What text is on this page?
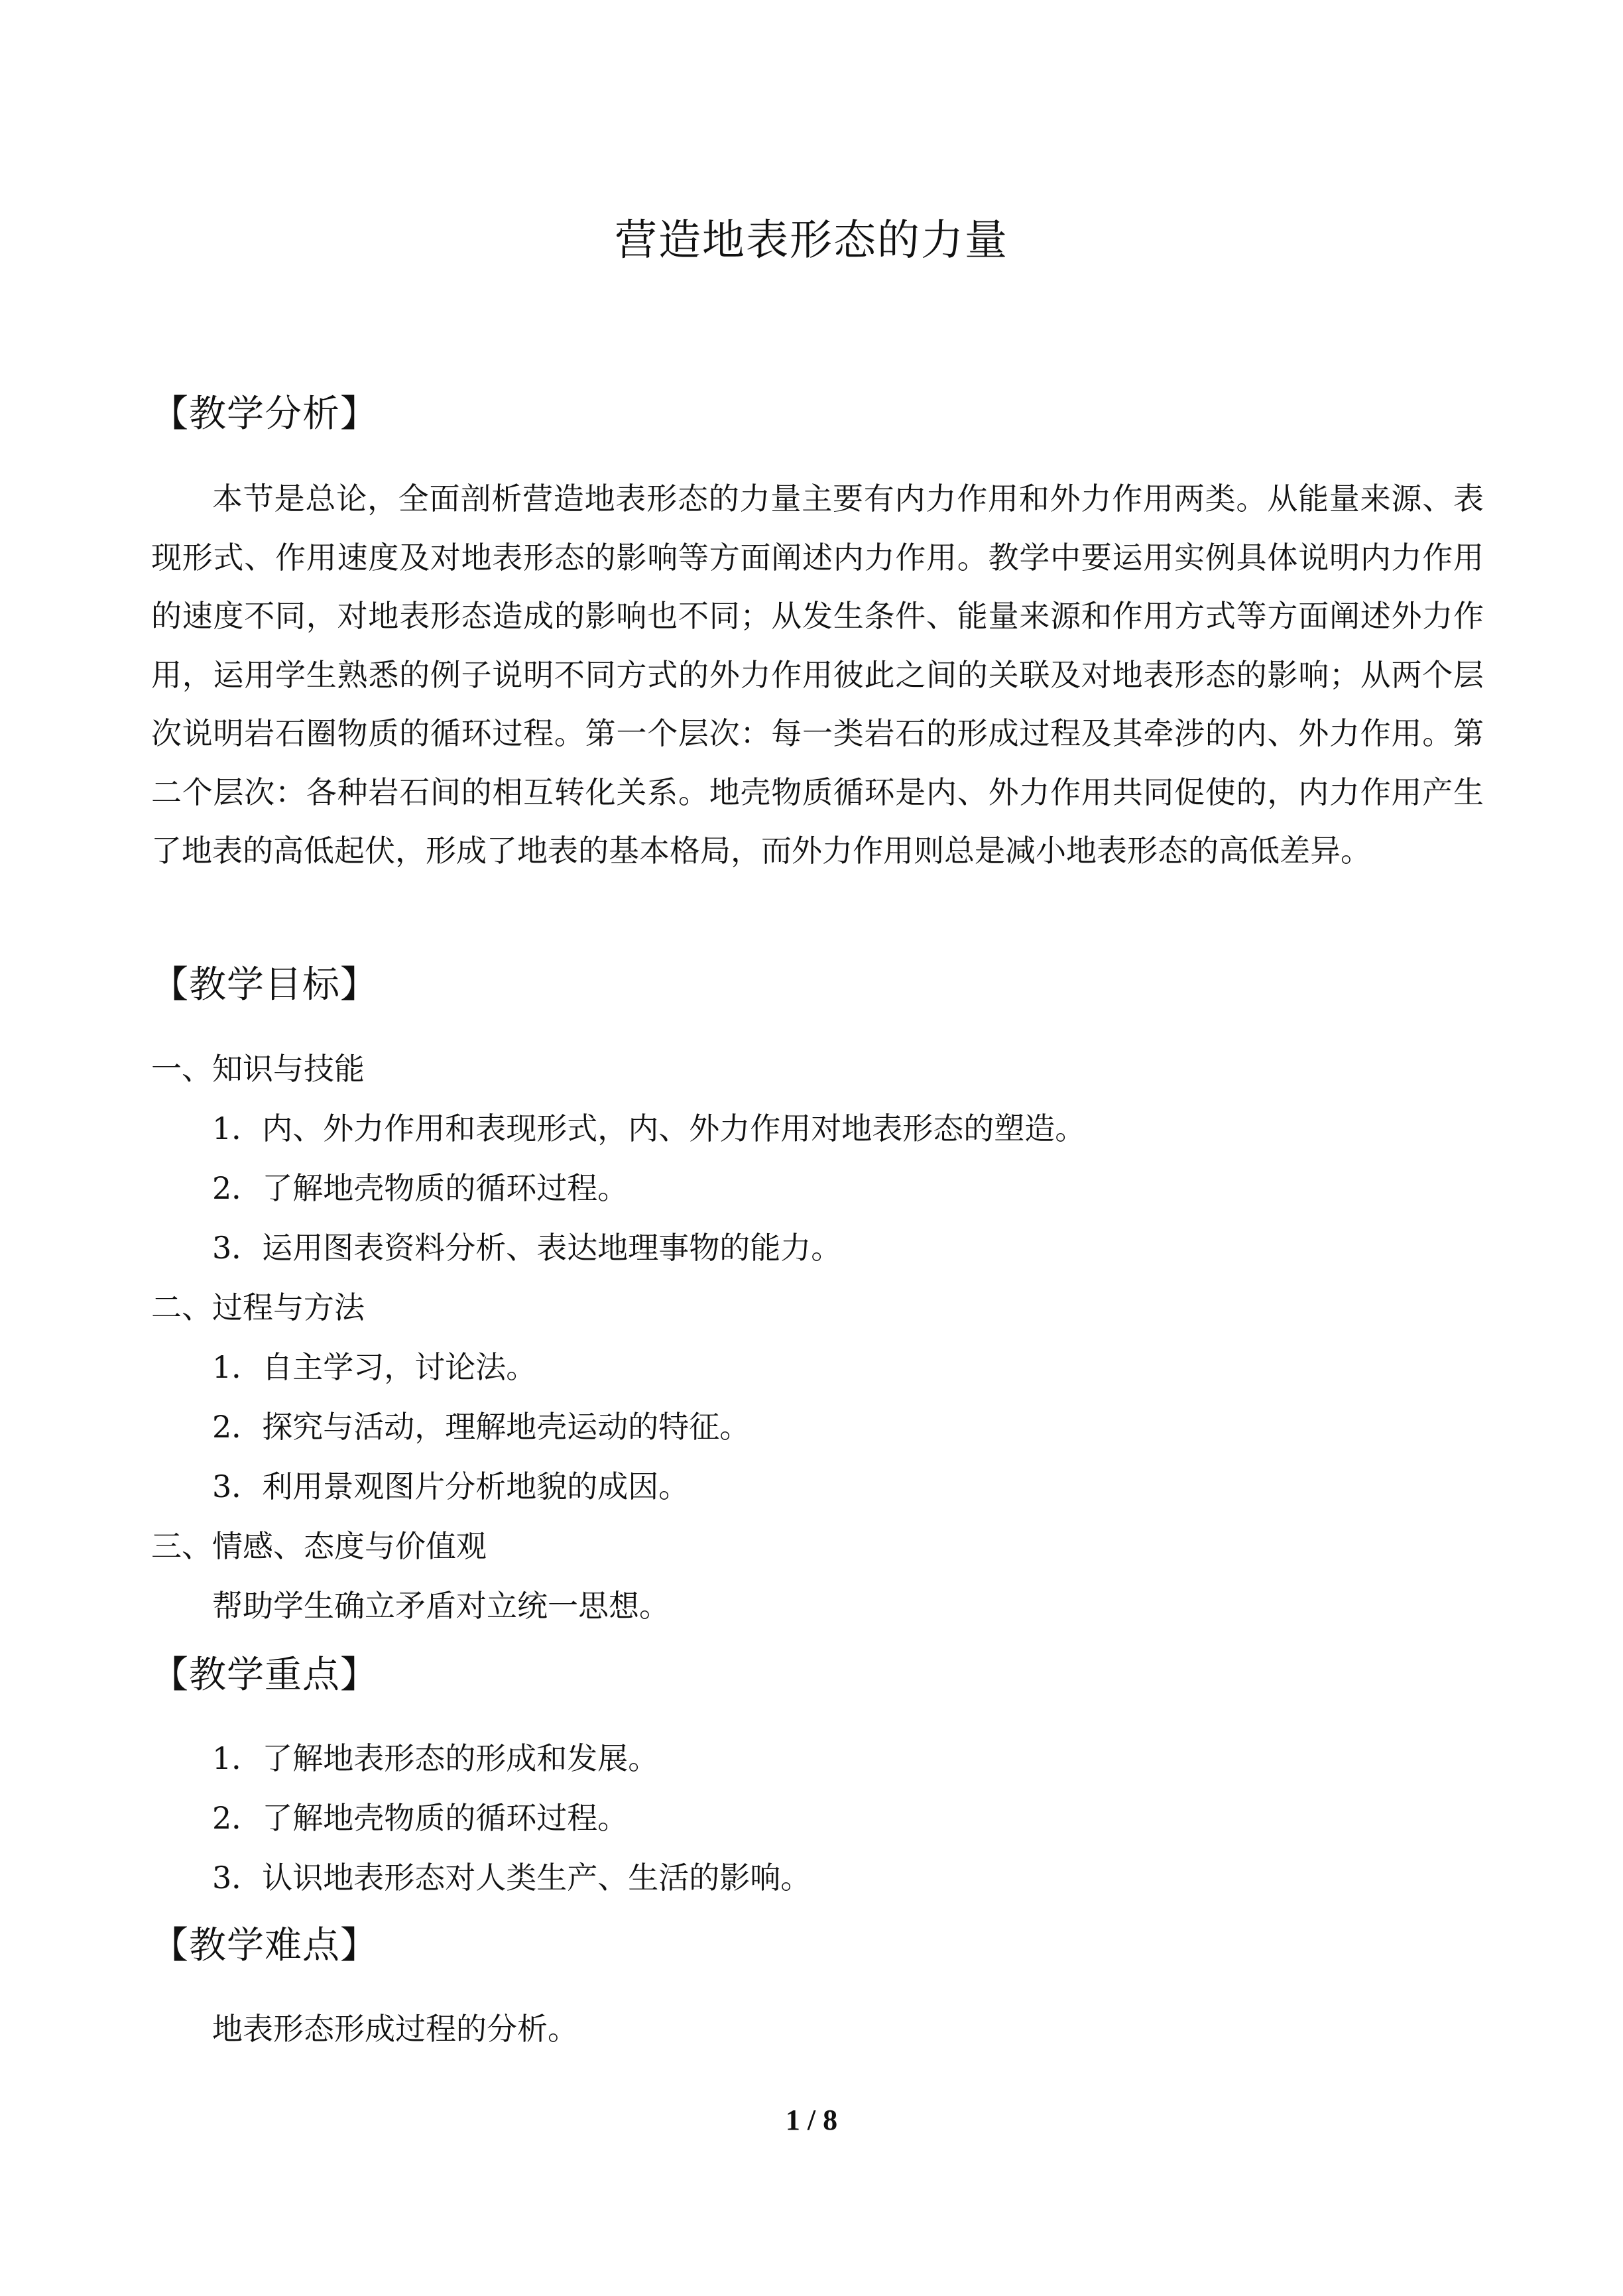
营造地表形态的力量
【教学分析】

本节是总论，全面剖析营造地表形态的力量主要有内力作用和外力作用两类。从能量来源、表现形式、作用速度及对地表形态的影响等方面阐述内力作用。教学中要运用实例具体说明内力作用的速度不同，对地表形态造成的影响也不同；从发生条件、能量来源和作用方式等方面阐述外力作用，运用学生熟悉的例子说明不同方式的外力作用彼此之间的关联及对地表形态的影响；从两个层次说明岩石圈物质的循环过程。第一个层次：每一类岩石的形成过程及其牵涉的内、外力作用。第二个层次：各种岩石间的相互转化关系。地壳物质循环是内、外力作用共同促使的，内力作用产生了地表的高低起伏，形成了地表的基本格局，而外力作用则总是减小地表形态的高低差异。

【教学目标】
一、知识与技能
1．内、外力作用和表现形式，内、外力作用对地表形态的塑造。
2．了解地壳物质的循环过程。
3．运用图表资料分析、表达地理事物的能力。
二、过程与方法
1．自主学习，讨论法。
2．探究与活动，理解地壳运动的特征。
3．利用景观图片分析地貌的成因。
三、情感、态度与价值观
帮助学生确立矛盾对立统一思想。
【教学重点】
1．了解地表形态的形成和发展。
2．了解地壳物质的循环过程。
3．认识地表形态对人类生产、生活的影响。
【教学难点】
地表形态形成过程的分析。
1 / 8
